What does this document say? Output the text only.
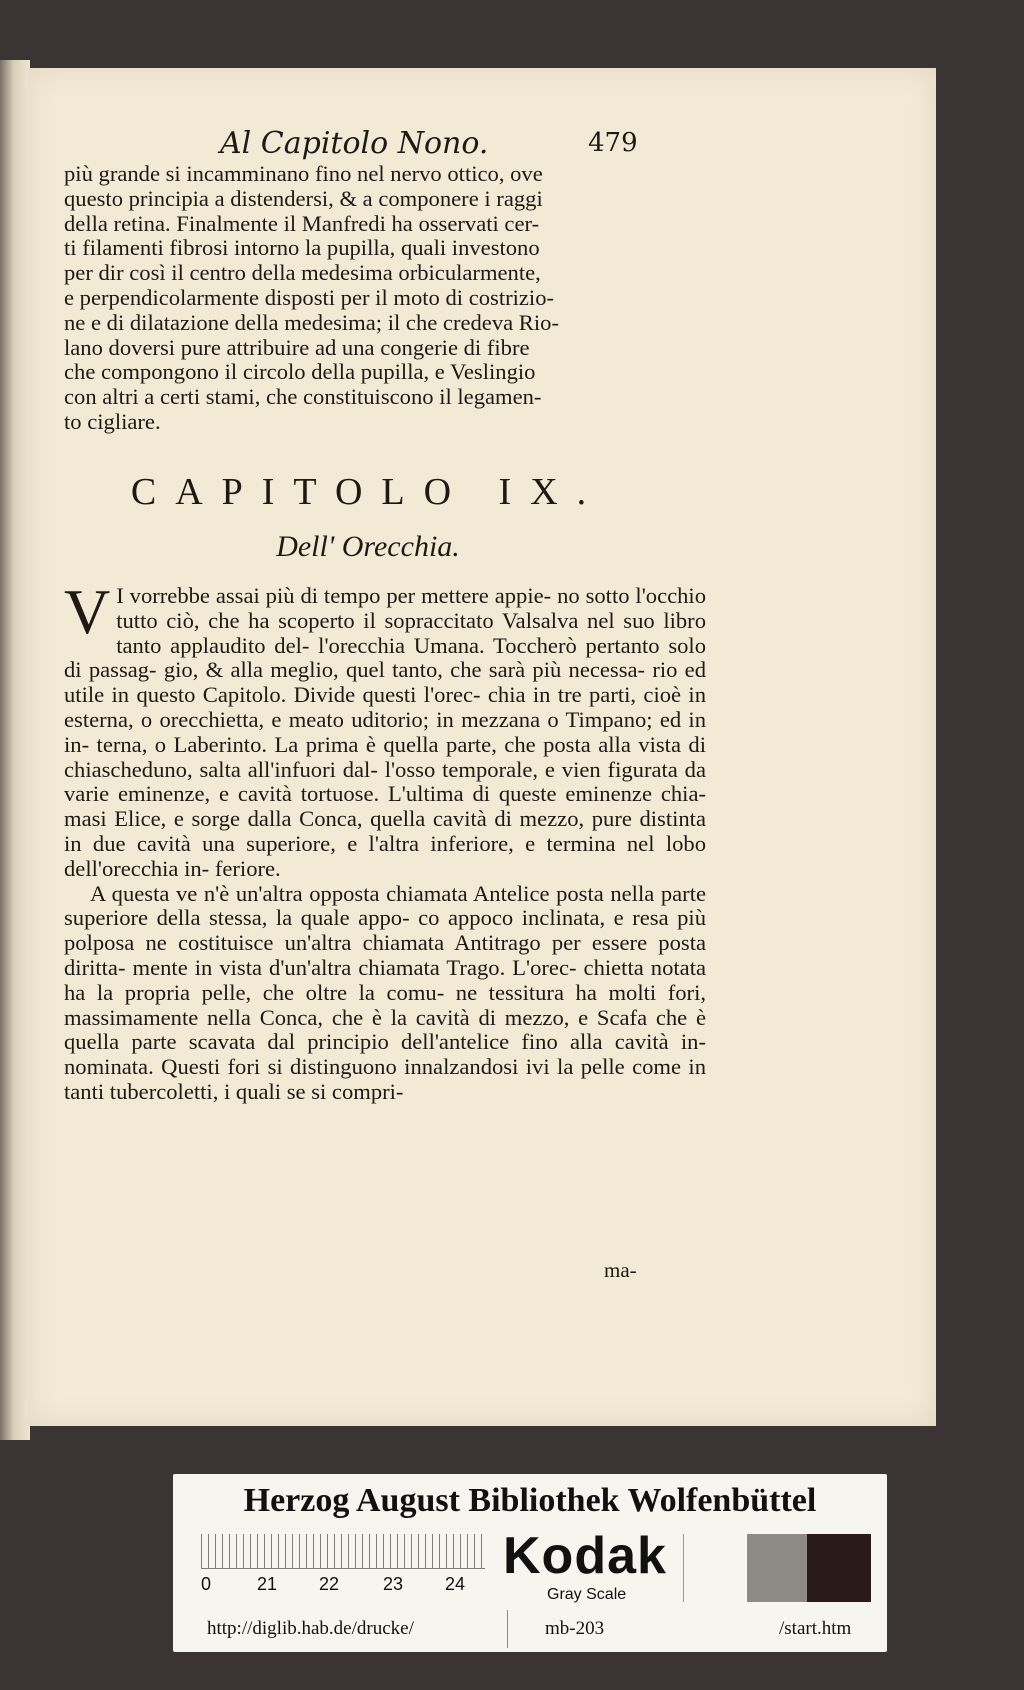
Al Capitolo Nono.	479

più grande si incamminano fino nel nervo ottico, ove

questo principia a distendersi, & a componere i raggi

della retina. Finalmente il Manfredi ha osservati cer-

ti filamenti fibrosi intorno la pupilla, quali investono

per dir così il centro della medesima orbicularmente,

e perpendicolarmente disposti per il moto di costrizio-

ne e di dilatazione della medesima; il che credeva Rio-

lano doversi pure attribuire ad una congerie di fibre

che compongono il circolo della pupilla, e Veslingio

con altri a certi stami, che constituiscono il legamen-

to cigliare.

CAPITOLO IX.
Dell' Orecchia.

V I vorrebbe assai più di tempo per mettere appie- no sotto l'occhio tutto ciò, che ha scoperto il sopraccitato Valsalva nel suo libro tanto applaudito del- l'orecchia Umana. Toccherò pertanto solo di passag- gio, & alla meglio, quel tanto, che sarà più necessa- rio ed utile in questo Capitolo. Divide questi l'orec- chia in tre parti, cioè in esterna, o orecchietta, e meato uditorio; in mezzana o Timpano; ed in in- terna, o Laberinto. La prima è quella parte, che posta alla vista di chiascheduno, salta all'infuori dal- l'osso temporale, e vien figurata da varie eminenze, e cavità tortuose. L'ultima di queste eminenze chia- masi Elice, e sorge dalla Conca, quella cavità di mezzo, pure distinta in due cavità una superiore, e l'altra inferiore, e termina nel lobo dell'orecchia in- feriore.

A questa ve n'è un'altra opposta chiamata Antelice posta nella parte superiore della stessa, la quale appo- co appoco inclinata, e resa più polposa ne costituisce un'altra chiamata Antitrago per essere posta diritta- mente in vista d'un'altra chiamata Trago. L'orec- chietta notata ha la propria pelle, che oltre la comu- ne tessitura ha molti fori, massimamente nella Conca, che è la cavità di mezzo, e Scafa che è quella parte scavata dal principio dell'antelice fino alla cavità in- nominata. Questi fori si distinguono innalzandosi ivi la pelle come in tanti tubercoletti, i quali se si compri-

ma-
Herzog August Bibliothek Wolfenbüttel
0	21 22 23 24 Kodak
Gray Scale
http://diglib.hab.de/drucke/	mb-203	/start.htm
